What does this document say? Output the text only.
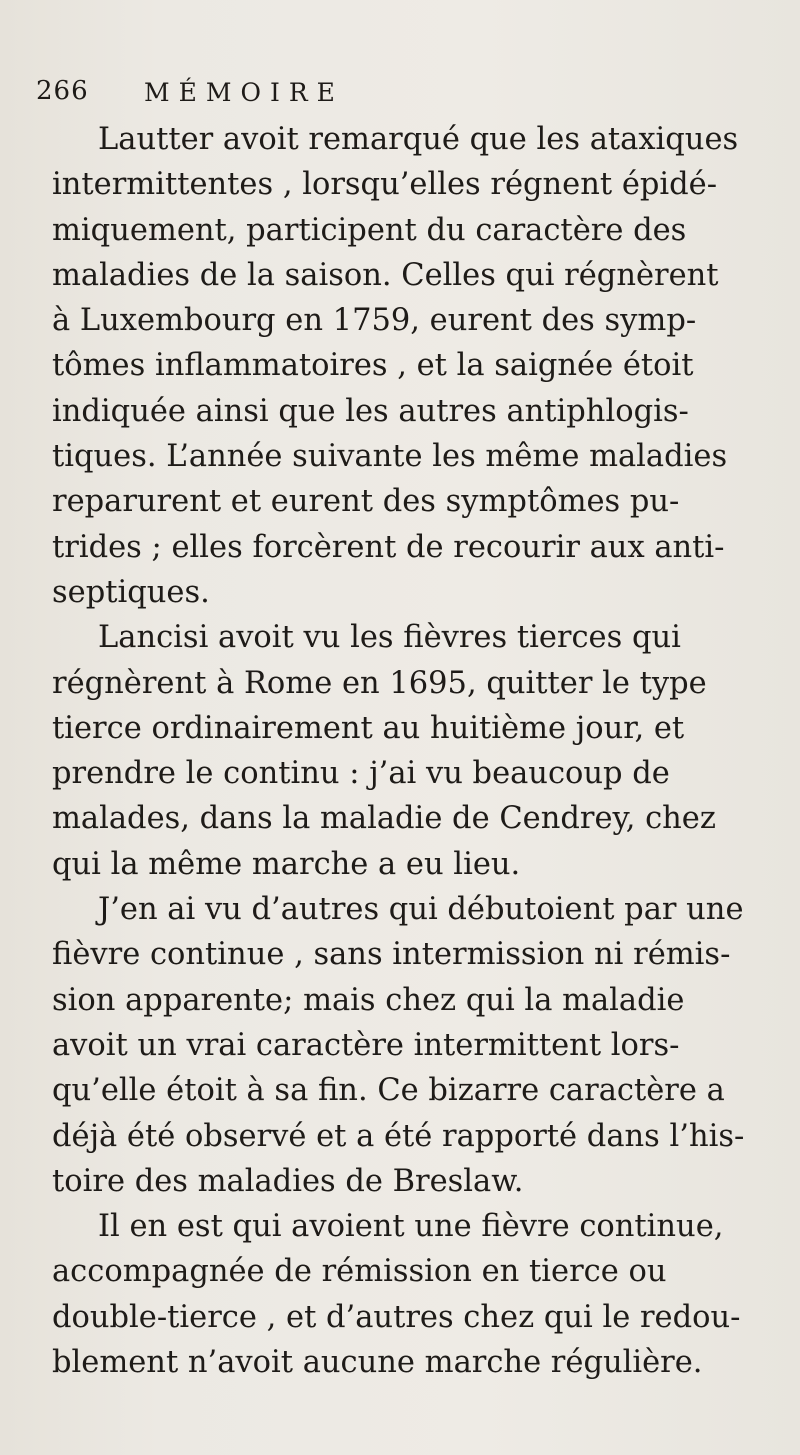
266 MÉMOIRE

Lautter avoit remarqué que les ataxiques
intermittentes , lorsqu’elles régnent épidé-
miquement, participent du caractère des
maladies de la saison. Celles qui régnèrent
à Luxembourg en 1759, eurent des symp-
tômes inflammatoires , et la saignée étoit
indiquée ainsi que les autres antiphlogis-
tiques. L’année suivante les même maladies
reparurent et eurent des symptômes pu-
trides ; elles forcèrent de recourir aux anti-
septiques.

Lancisi avoit vu les fièvres tierces qui
régnèrent à Rome en 1695, quitter le type
tierce ordinairement au huitième jour, et
prendre le continu : j’ai vu beaucoup de
malades, dans la maladie de Cendrey, chez
qui la même marche a eu lieu.

J’en ai vu d’autres qui débutoient par une
fièvre continue , sans intermission ni rémis-
sion apparente; mais chez qui la maladie
avoit un vrai caractère intermittent lors-
qu’elle étoit à sa fin. Ce bizarre caractère a
déjà été observé et a été rapporté dans l’his-
toire des maladies de Breslaw.

Il en est qui avoient une fièvre continue,
accompagnée de rémission en tierce ou
double-tierce , et d’autres chez qui le redou-
blement n’avoit aucune marche régulière.
